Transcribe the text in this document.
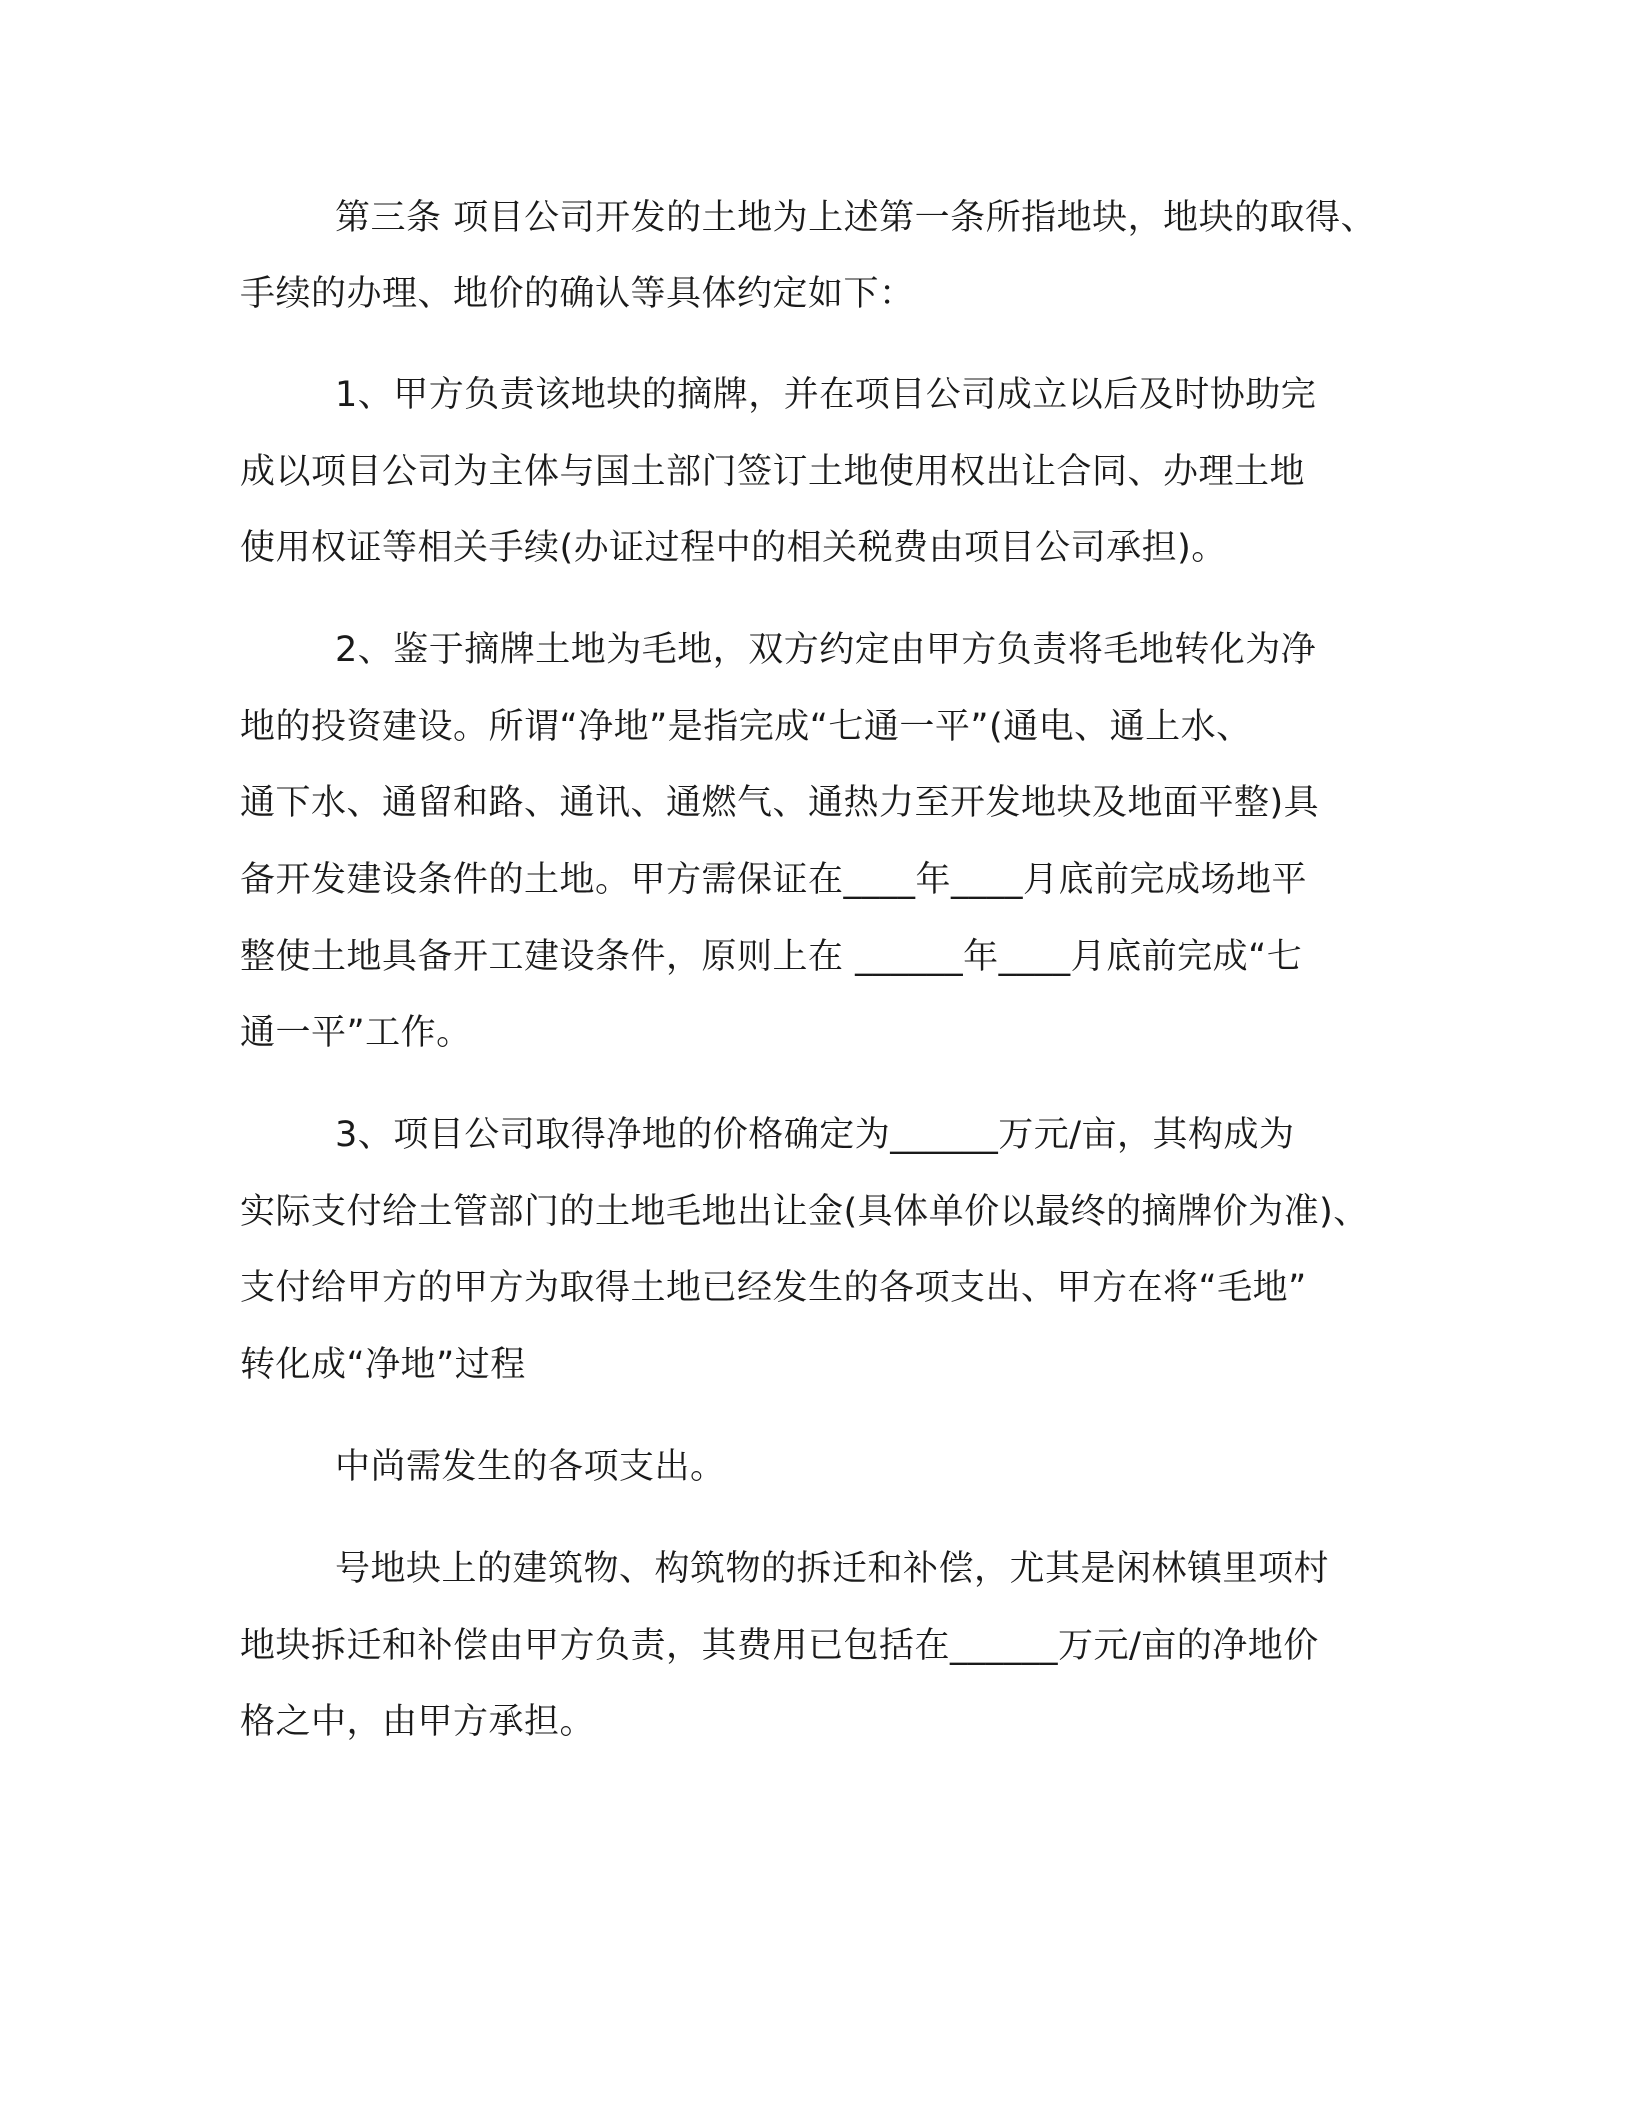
第三条 项目公司开发的土地为上述第一条所指地块，地块的取得、
手续的办理、地价的确认等具体约定如下：
1、甲方负责该地块的摘牌，并在项目公司成立以后及时协助完
成以项目公司为主体与国土部门签订土地使用权出让合同、办理土地
使用权证等相关手续(办证过程中的相关税费由项目公司承担)。
2、鉴于摘牌土地为毛地，双方约定由甲方负责将毛地转化为净
地的投资建设。所谓“净地”是指完成“七通一平”(通电、通上水、
通下水、通留和路、通讯、通燃气、通热力至开发地块及地面平整)具
备开发建设条件的土地。甲方需保证在____年____月底前完成场地平
整使土地具备开工建设条件，原则上在 ______年____月底前完成“七
通一平”工作。
3、项目公司取得净地的价格确定为______万元/亩，其构成为
实际支付给土管部门的土地毛地出让金(具体单价以最终的摘牌价为准)、
支付给甲方的甲方为取得土地已经发生的各项支出、甲方在将“毛地”
转化成“净地”过程
中尚需发生的各项支出。
号地块上的建筑物、构筑物的拆迁和补偿，尤其是闲林镇里项村
地块拆迁和补偿由甲方负责，其费用已包括在______万元/亩的净地价
格之中，由甲方承担。
